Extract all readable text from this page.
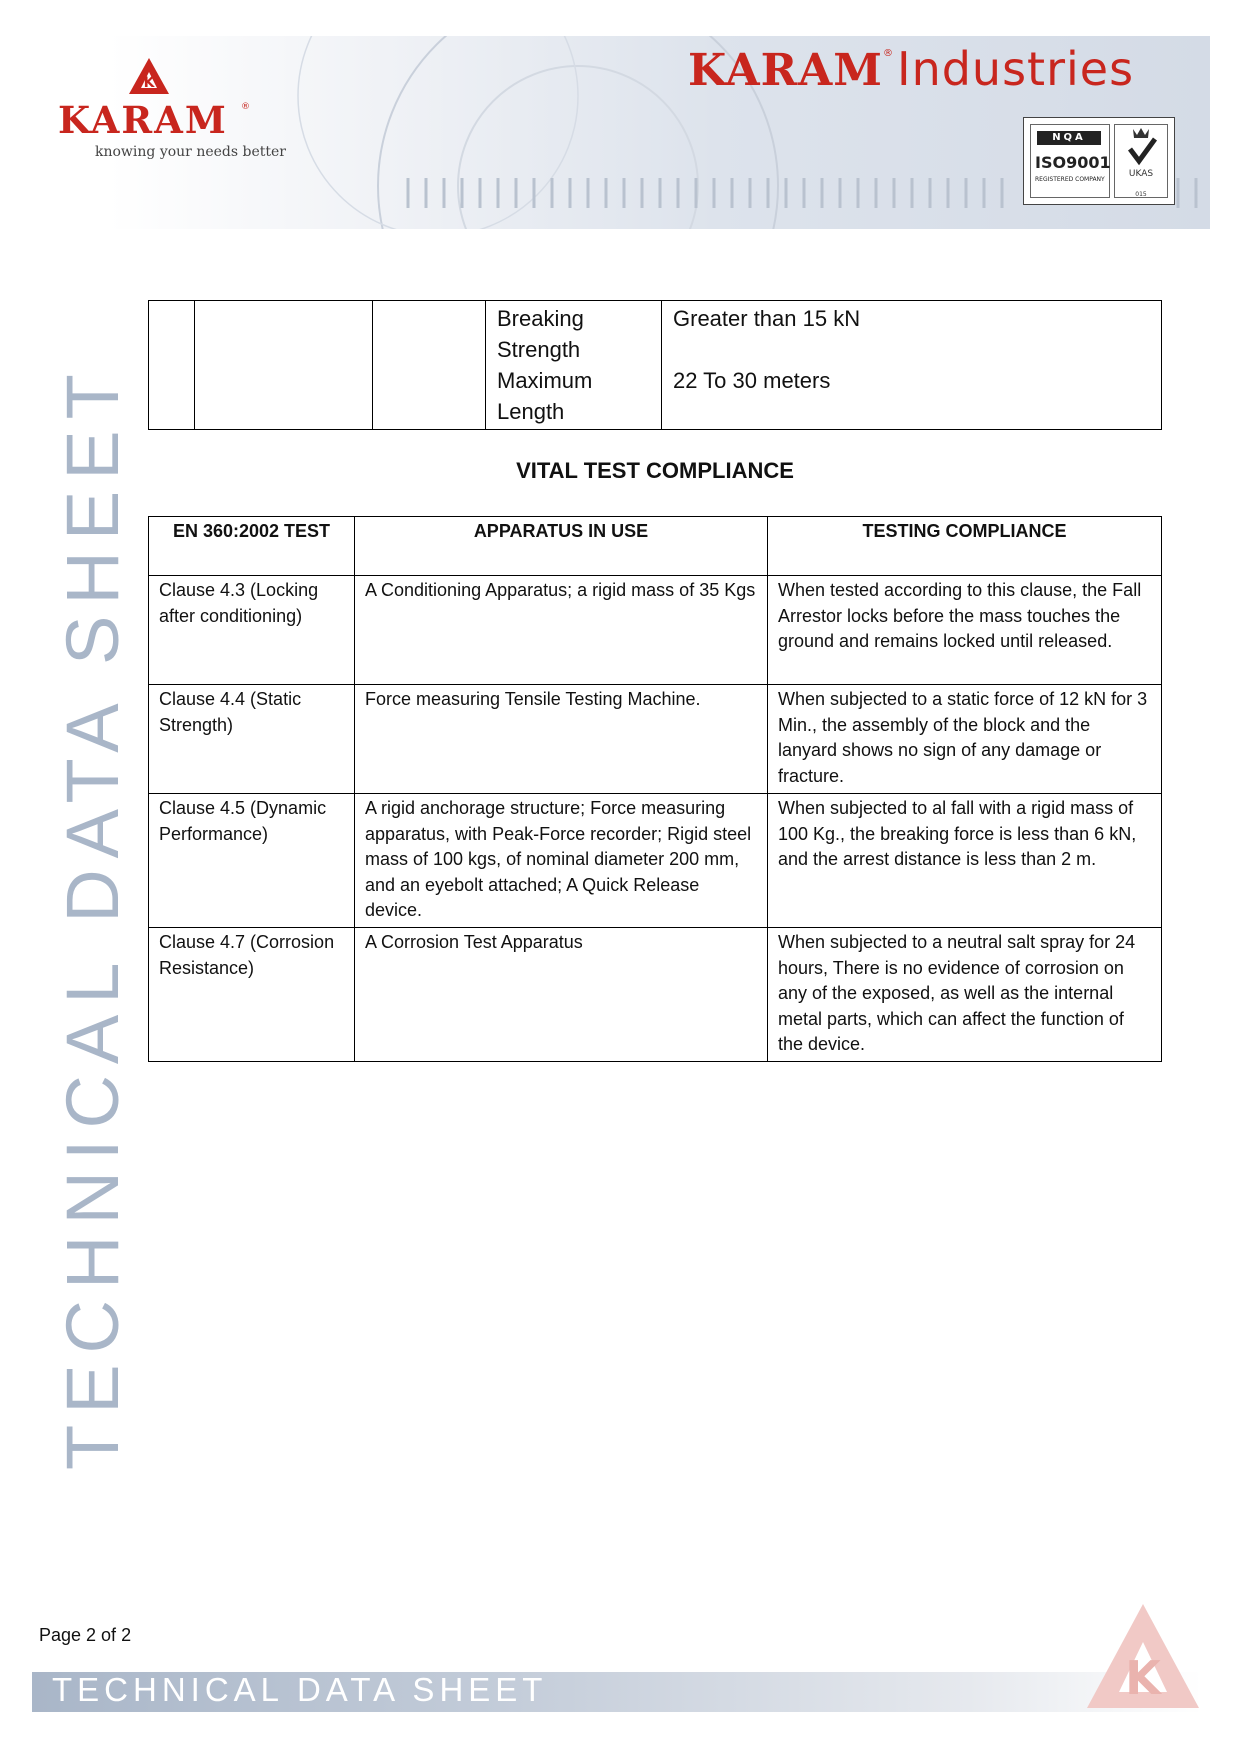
K
KARAM ®
knowing your needs better
KARAM®Industries
NQA
ISO9001
REGISTERED COMPANY
UKAS
015
TECHNICAL DATA SHEET
			Breaking
Strength
Maximum
Length	Greater than 15 kN

22 To 30 meters
VITAL TEST COMPLIANCE
EN 360:2002 TEST	APPARATUS IN USE	TESTING COMPLIANCE
Clause 4.3 (Locking after conditioning)	A Conditioning Apparatus; a rigid mass of 35 Kgs	When tested according to this clause, the Fall Arrestor locks before the mass touches the ground and remains locked until released.
Clause 4.4 (Static Strength)	Force measuring Tensile Testing Machine.	When subjected to a static force of 12 kN for 3 Min., the assembly of the block and the lanyard shows no sign of any damage or fracture.
Clause 4.5 (Dynamic Performance)	A rigid anchorage structure; Force measuring apparatus, with Peak-Force recorder; Rigid steel mass of 100 kgs, of nominal diameter 200 mm, and an eyebolt attached; A Quick Release device.	When subjected to al fall with a rigid mass of 100 Kg., the breaking force is less than 6 kN, and the arrest distance is less than 2 m.
Clause 4.7 (Corrosion Resistance)	A Corrosion Test Apparatus	When subjected to a neutral salt spray for 24 hours, There is no evidence of corrosion on any of the exposed, as well as the internal metal parts, which can affect the function of the device.
Page 2 of 2
TECHNICAL DATA SHEET	K
